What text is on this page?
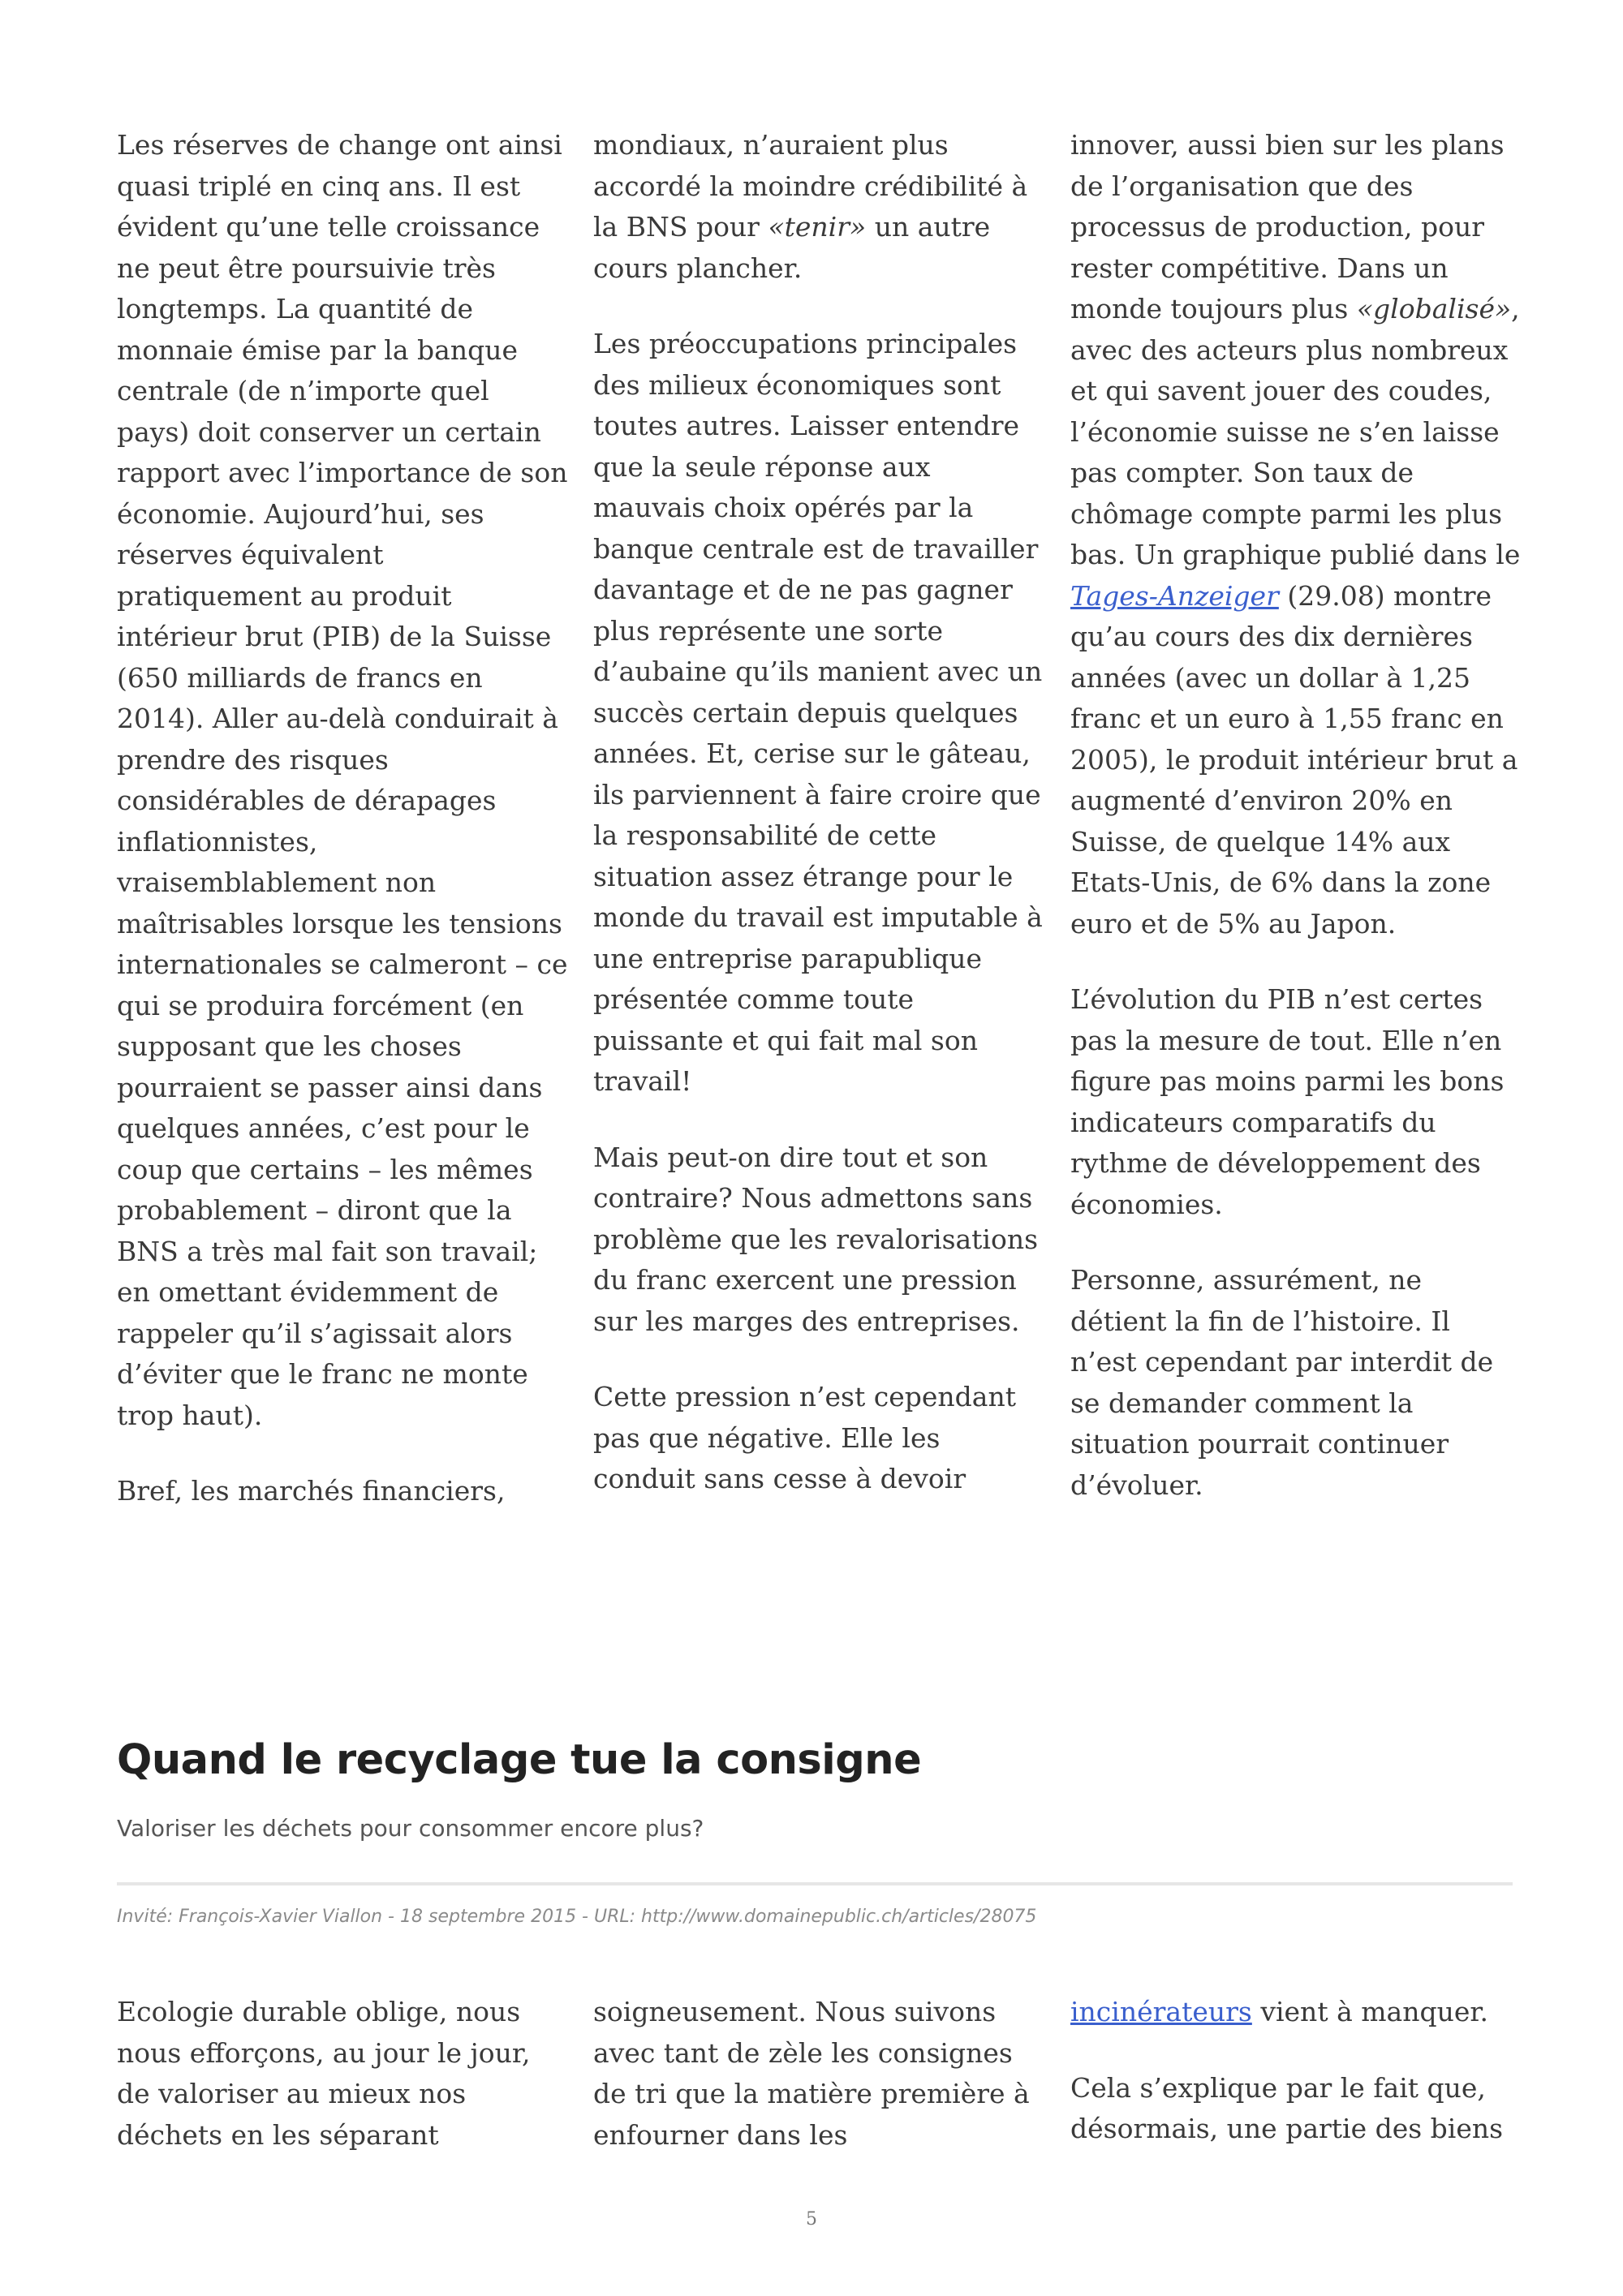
Les réserves de change ont ainsi quasi triplé en cinq ans. Il est évident qu’une telle croissance ne peut être poursuivie très longtemps. La quantité de monnaie émise par la banque centrale (de n’importe quel pays) doit conserver un certain rapport avec l’importance de son économie. Aujourd’hui, ses réserves équivalent pratiquement au produit intérieur brut (PIB) de la Suisse (650 milliards de francs en 2014). Aller au-delà conduirait à prendre des risques considérables de dérapages inflationnistes, vraisemblablement non maîtrisables lorsque les tensions internationales se calmeront – ce qui se produira forcément (en supposant que les choses pourraient se passer ainsi dans quelques années, c’est pour le coup que certains – les mêmes probablement – diront que la BNS a très mal fait son travail; en omettant évidemment de rappeler qu’il s’agissait alors d’éviter que le franc ne monte trop haut).

Bref, les marchés financiers,

mondiaux, n’auraient plus accordé la moindre crédibilité à la BNS pour «tenir» un autre cours plancher.

Les préoccupations principales des milieux économiques sont toutes autres. Laisser entendre que la seule réponse aux mauvais choix opérés par la banque centrale est de travailler davantage et de ne pas gagner plus représente une sorte d’aubaine qu’ils manient avec un succès certain depuis quelques années. Et, cerise sur le gâteau, ils parviennent à faire croire que la responsabilité de cette situation assez étrange pour le monde du travail est imputable à une entreprise parapublique présentée comme toute puissante et qui fait mal son travail!

Mais peut-on dire tout et son contraire? Nous admettons sans problème que les revalorisations du franc exercent une pression sur les marges des entreprises.

Cette pression n’est cependant pas que négative. Elle les conduit sans cesse à devoir

innover, aussi bien sur les plans de l’organisation que des processus de production, pour rester compétitive. Dans un monde toujours plus «globalisé», avec des acteurs plus nombreux et qui savent jouer des coudes, l’économie suisse ne s’en laisse pas compter. Son taux de chômage compte parmi les plus bas. Un graphique publié dans le Tages-Anzeiger (29.08) montre qu’au cours des dix dernières années (avec un dollar à 1,25 franc et un euro à 1,55 franc en 2005), le produit intérieur brut a augmenté d’environ 20% en Suisse, de quelque 14% aux Etats-Unis, de 6% dans la zone euro et de 5% au Japon.

L’évolution du PIB n’est certes pas la mesure de tout. Elle n’en figure pas moins parmi les bons indicateurs comparatifs du rythme de développement des économies.

Personne, assurément, ne détient la fin de l’histoire. Il n’est cependant par interdit de se demander comment la situation pourrait continuer d’évoluer.

Quand le recyclage tue la consigne

Valoriser les déchets pour consommer encore plus?

Invité: François-Xavier Viallon - 18 septembre 2015 - URL: http://www.domainepublic.ch/articles/28075

Ecologie durable oblige, nous nous efforçons, au jour le jour, de valoriser au mieux nos déchets en les séparant

soigneusement. Nous suivons avec tant de zèle les consignes de tri que la matière première à enfourner dans les

incinérateurs vient à manquer.

Cela s’explique par le fait que, désormais, une partie des biens

5
